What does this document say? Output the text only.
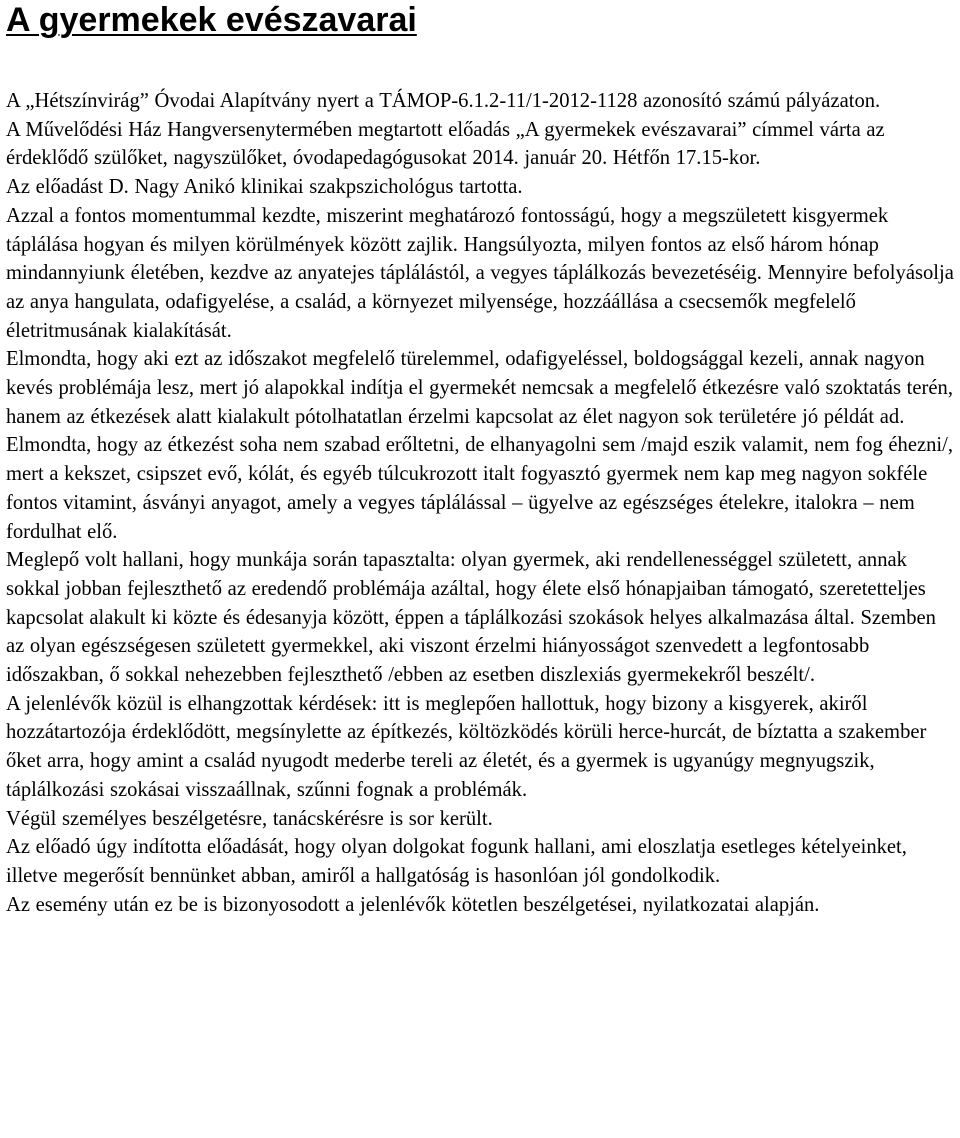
A gyermekek evészavarai

A „Hétszínvirág” Óvodai Alapítvány nyert a TÁMOP-6.1.2-11/1-2012-1128 azonosító számú pályázaton.

A Művelődési Ház Hangversenytermében megtartott előadás „A gyermekek evészavarai” címmel várta az érdeklődő szülőket, nagyszülőket, óvodapedagógusokat 2014. január 20. Hétfőn 17.15-kor.

Az előadást D. Nagy Anikó klinikai szakpszichológus tartotta.

Azzal a fontos momentummal kezdte, miszerint meghatározó fontosságú, hogy a megszületett kisgyermek táplálása hogyan és milyen körülmények között zajlik. Hangsúlyozta, milyen fontos az első három hónap mindannyiunk életében, kezdve az anyatejes táplálástól, a vegyes táplálkozás bevezetéséig. Mennyire befolyásolja az anya hangulata, odafigyelése, a család, a környezet milyensége, hozzáállása a csecsemők megfelelő életritmusának kialakítását.

Elmondta, hogy aki ezt az időszakot megfelelő türelemmel, odafigyeléssel, boldogsággal kezeli, annak nagyon kevés problémája lesz, mert jó alapokkal indítja el gyermekét nemcsak a megfelelő étkezésre való szoktatás terén, hanem az étkezések alatt kialakult pótolhatatlan érzelmi kapcsolat az élet nagyon sok területére jó példát ad.

Elmondta, hogy az étkezést soha nem szabad erőltetni, de elhanyagolni sem /majd eszik valamit, nem fog éhezni/, mert a kekszet, csipszet evő, kólát, és egyéb túlcukrozott italt fogyasztó gyermek nem kap meg nagyon sokféle fontos vitamint, ásványi anyagot, amely a vegyes táplálással – ügyelve az egészséges ételekre, italokra – nem fordulhat elő.

Meglepő volt hallani, hogy munkája során tapasztalta: olyan gyermek, aki rendellenességgel született, annak sokkal jobban fejleszthető az eredendő problémája azáltal, hogy élete első hónapjaiban támogató, szeretetteljes kapcsolat alakult ki közte és édesanyja között, éppen a táplálkozási szokások helyes alkalmazása által. Szemben az olyan egészségesen született gyermekkel, aki viszont érzelmi hiányosságot szenvedett a legfontosabb időszakban, ő sokkal nehezebben fejleszthető /ebben az esetben diszlexiás gyermekekről beszélt/.

A jelenlévők közül is elhangzottak kérdések: itt is meglepően hallottuk, hogy bizony a kisgyerek, akiről hozzátartozója érdeklődött, megsínylette az építkezés, költözködés körüli herce-hurcát, de bíztatta a szakember őket arra, hogy amint a család nyugodt mederbe tereli az életét, és a gyermek is ugyanúgy megnyugszik, táplálkozási szokásai visszaállnak, szűnni fognak a problémák.

Végül személyes beszélgetésre, tanácskérésre is sor került.

Az előadó úgy indította előadását, hogy olyan dolgokat fogunk hallani, ami eloszlatja esetleges kételyeinket, illetve megerősít bennünket abban, amiről a hallgatóság is hasonlóan jól gondolkodik.

Az esemény után ez be is bizonyosodott a jelenlévők kötetlen beszélgetései, nyilatkozatai alapján.
